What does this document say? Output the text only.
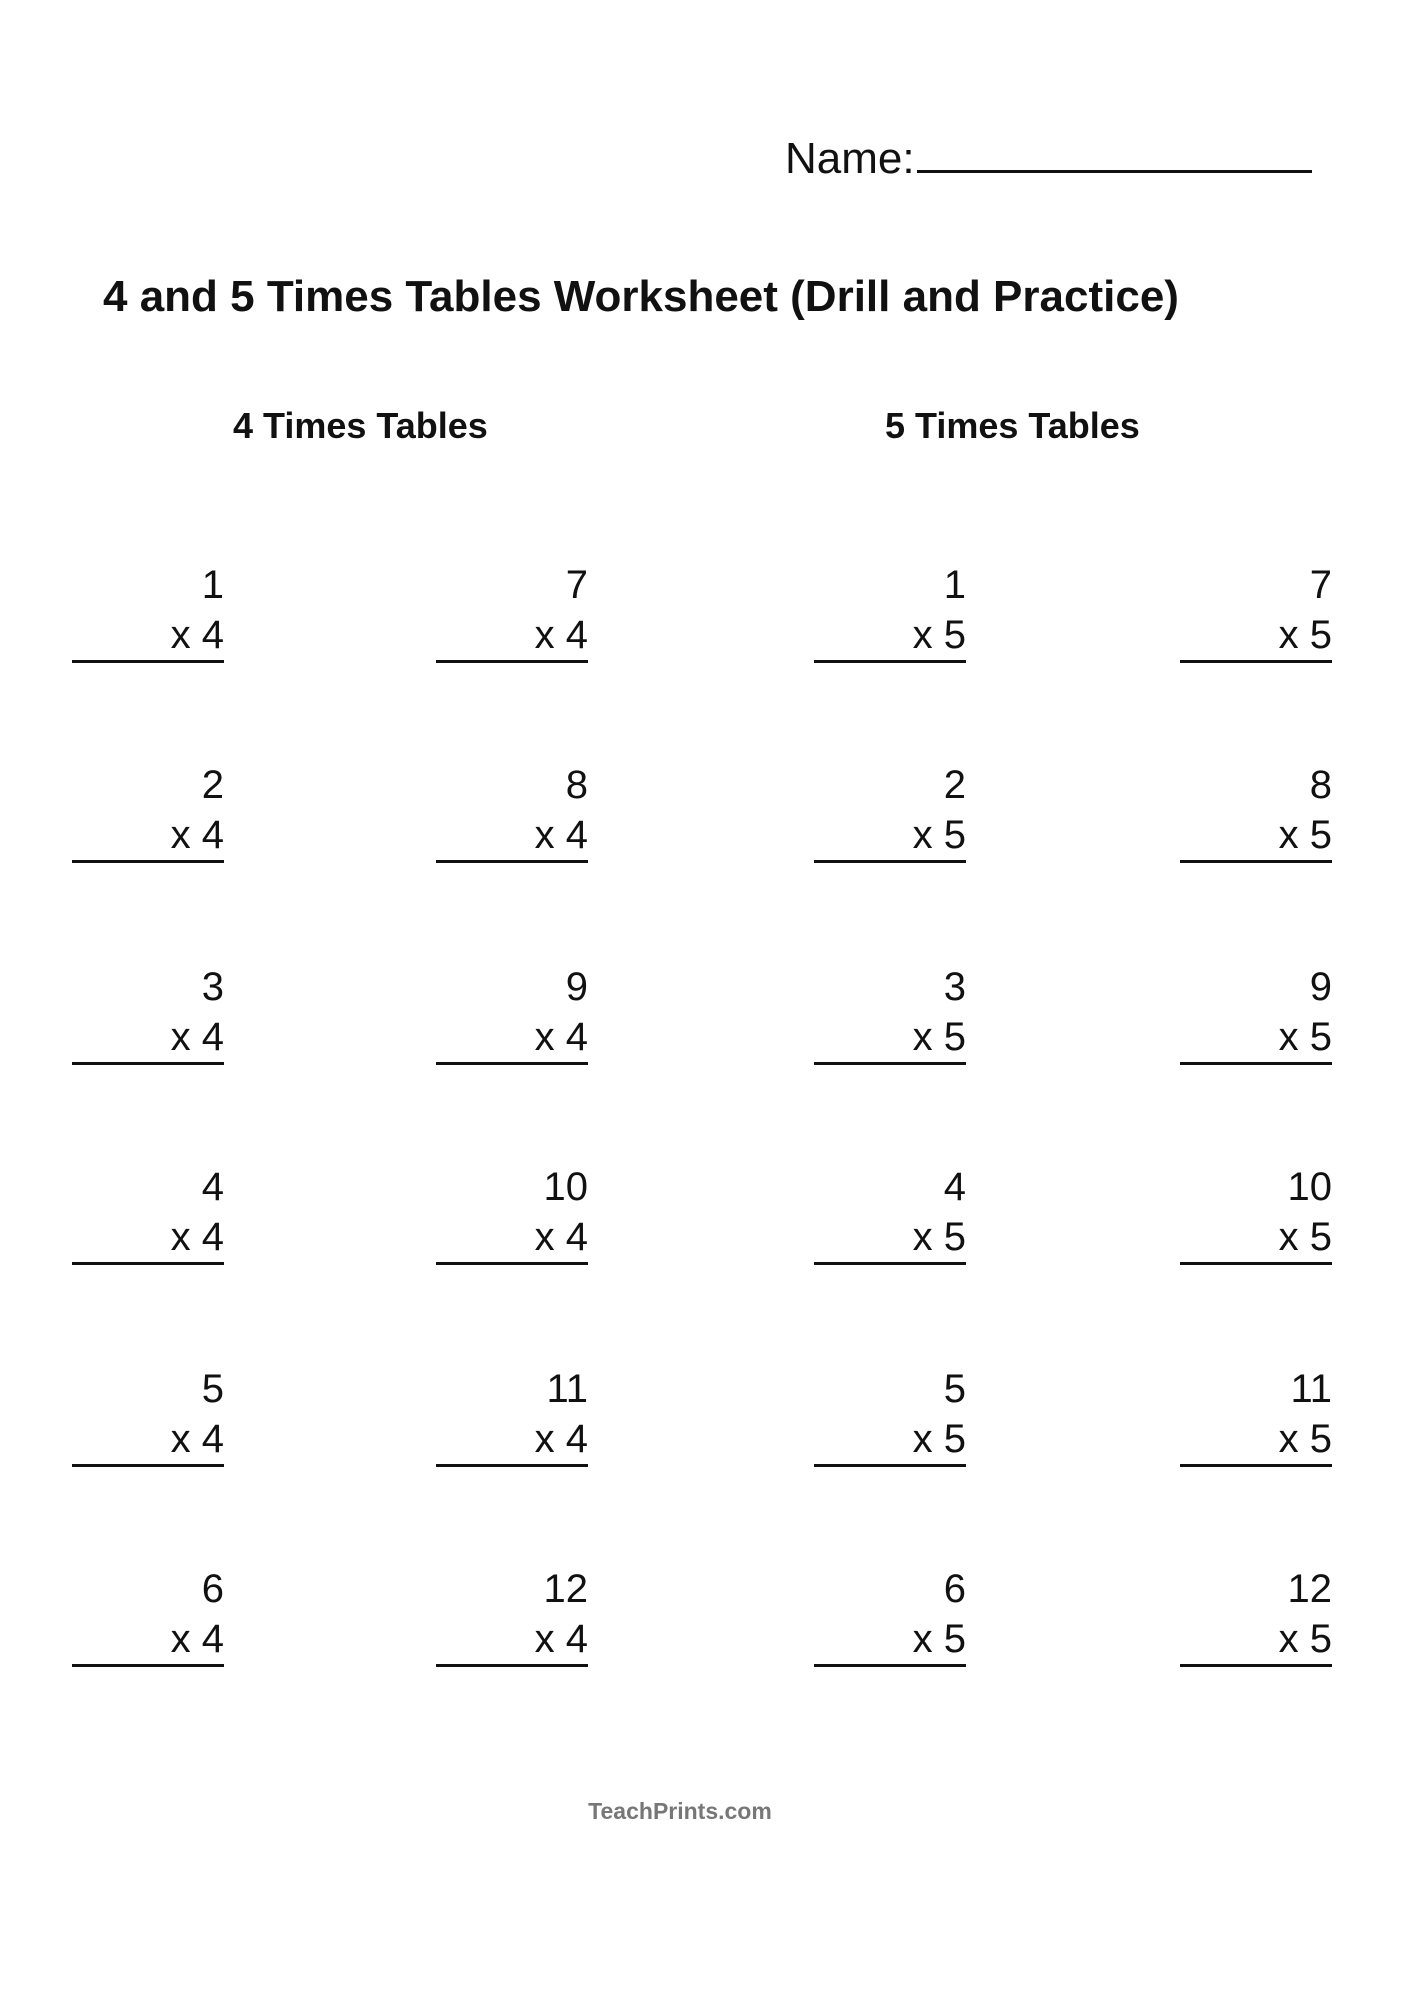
Name:
4 and 5 Times Tables Worksheet (Drill and Practice)
4 Times Tables	5 Times Tables
1
x 4
2
x 4
3
x 4
4
x 4
5
x 4
6
x 4
7
x 4
8
x 4
9
x 4
10
x 4
11
x 4
12
x 4
1
x 5
2
x 5
3
x 5
4
x 5
5
x 5
6
x 5
7
x 5
8
x 5
9
x 5
10
x 5
11
x 5
12
x 5
TeachPrints.com
